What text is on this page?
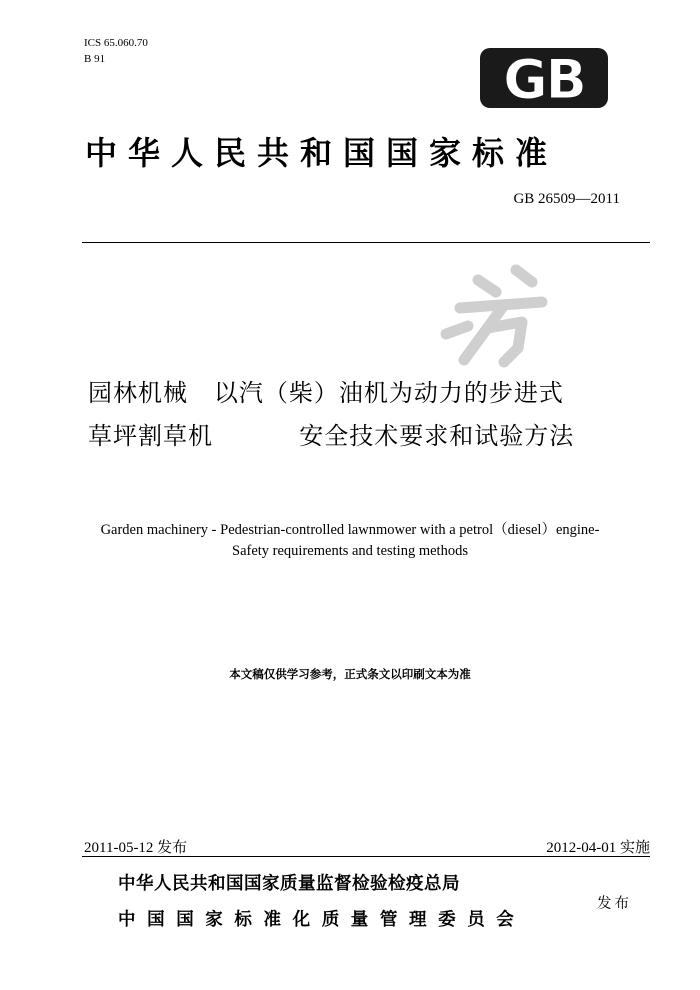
ICS 65.060.70
B 91	GB
中华人民共和国国家标准
GB 26509—2011
园林机械   以汽（柴）油机为动力的步进式
草坪割草机          安全技术要求和试验方法
Garden machinery - Pedestrian-controlled lawnmower with a petrol（diesel）engine-
Safety requirements and testing methods
本文稿仅供学习参考，正式条文以印刷文本为准
2011-05-12 发布	2012-04-01 实施
中华人民共和国国家质量监督检验检疫总局
中国国家标准化质量管理委员会
发布
